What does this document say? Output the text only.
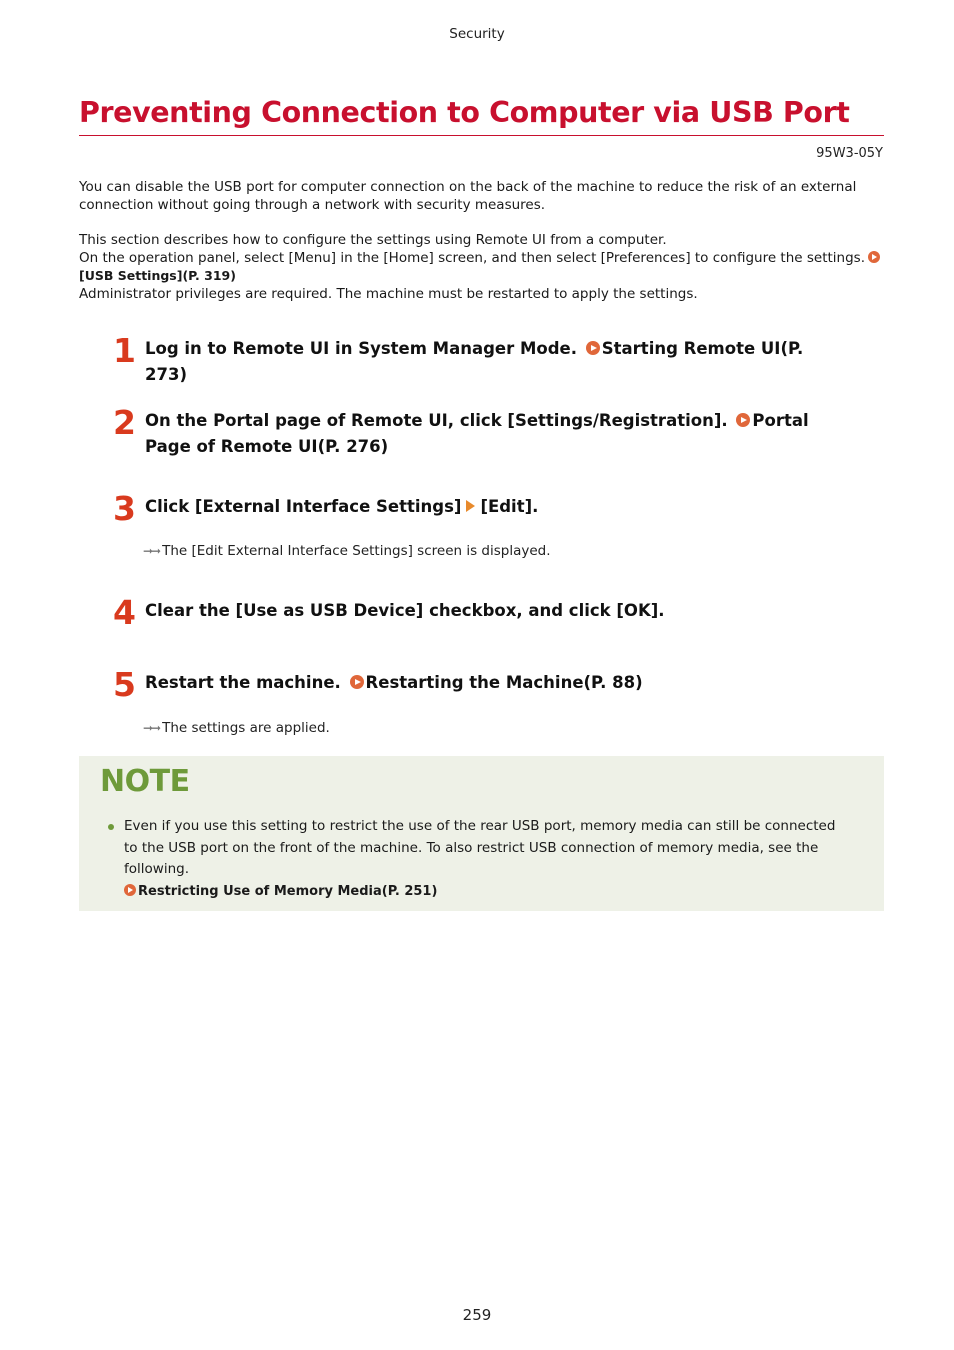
Security
Preventing Connection to Computer via USB Port
95W3-05Y

You can disable the USB port for computer connection on the back of the machine to reduce the risk of an external connection without going through a network with security measures.

This section describes how to configure the settings using Remote UI from a computer.

On the operation panel, select [Menu] in the [Home] screen, and then select [Preferences] to configure the settings.

[USB Settings](P. 319)

Administrator privileges are required. The machine must be restarted to apply the settings.

1 Log in to Remote UI in System Manager Mode. Starting Remote UI(P. 273)
2 On the Portal page of Remote UI, click [Settings/Registration]. Portal Page of Remote UI(P. 276)
3 Click [External Interface Settings] [Edit].
➞➞ The [Edit External Interface Settings] screen is displayed.
4 Clear the [Use as USB Device] checkbox, and click [OK].
5 Restart the machine. Restarting the Machine(P. 88)
➞➞ The settings are applied.
NOTE
Even if you use this setting to restrict the use of the rear USB port, memory media can still be connected to the USB port on the front of the machine. To also restrict USB connection of memory media, see the following.
Restricting Use of Memory Media(P. 251)
259
